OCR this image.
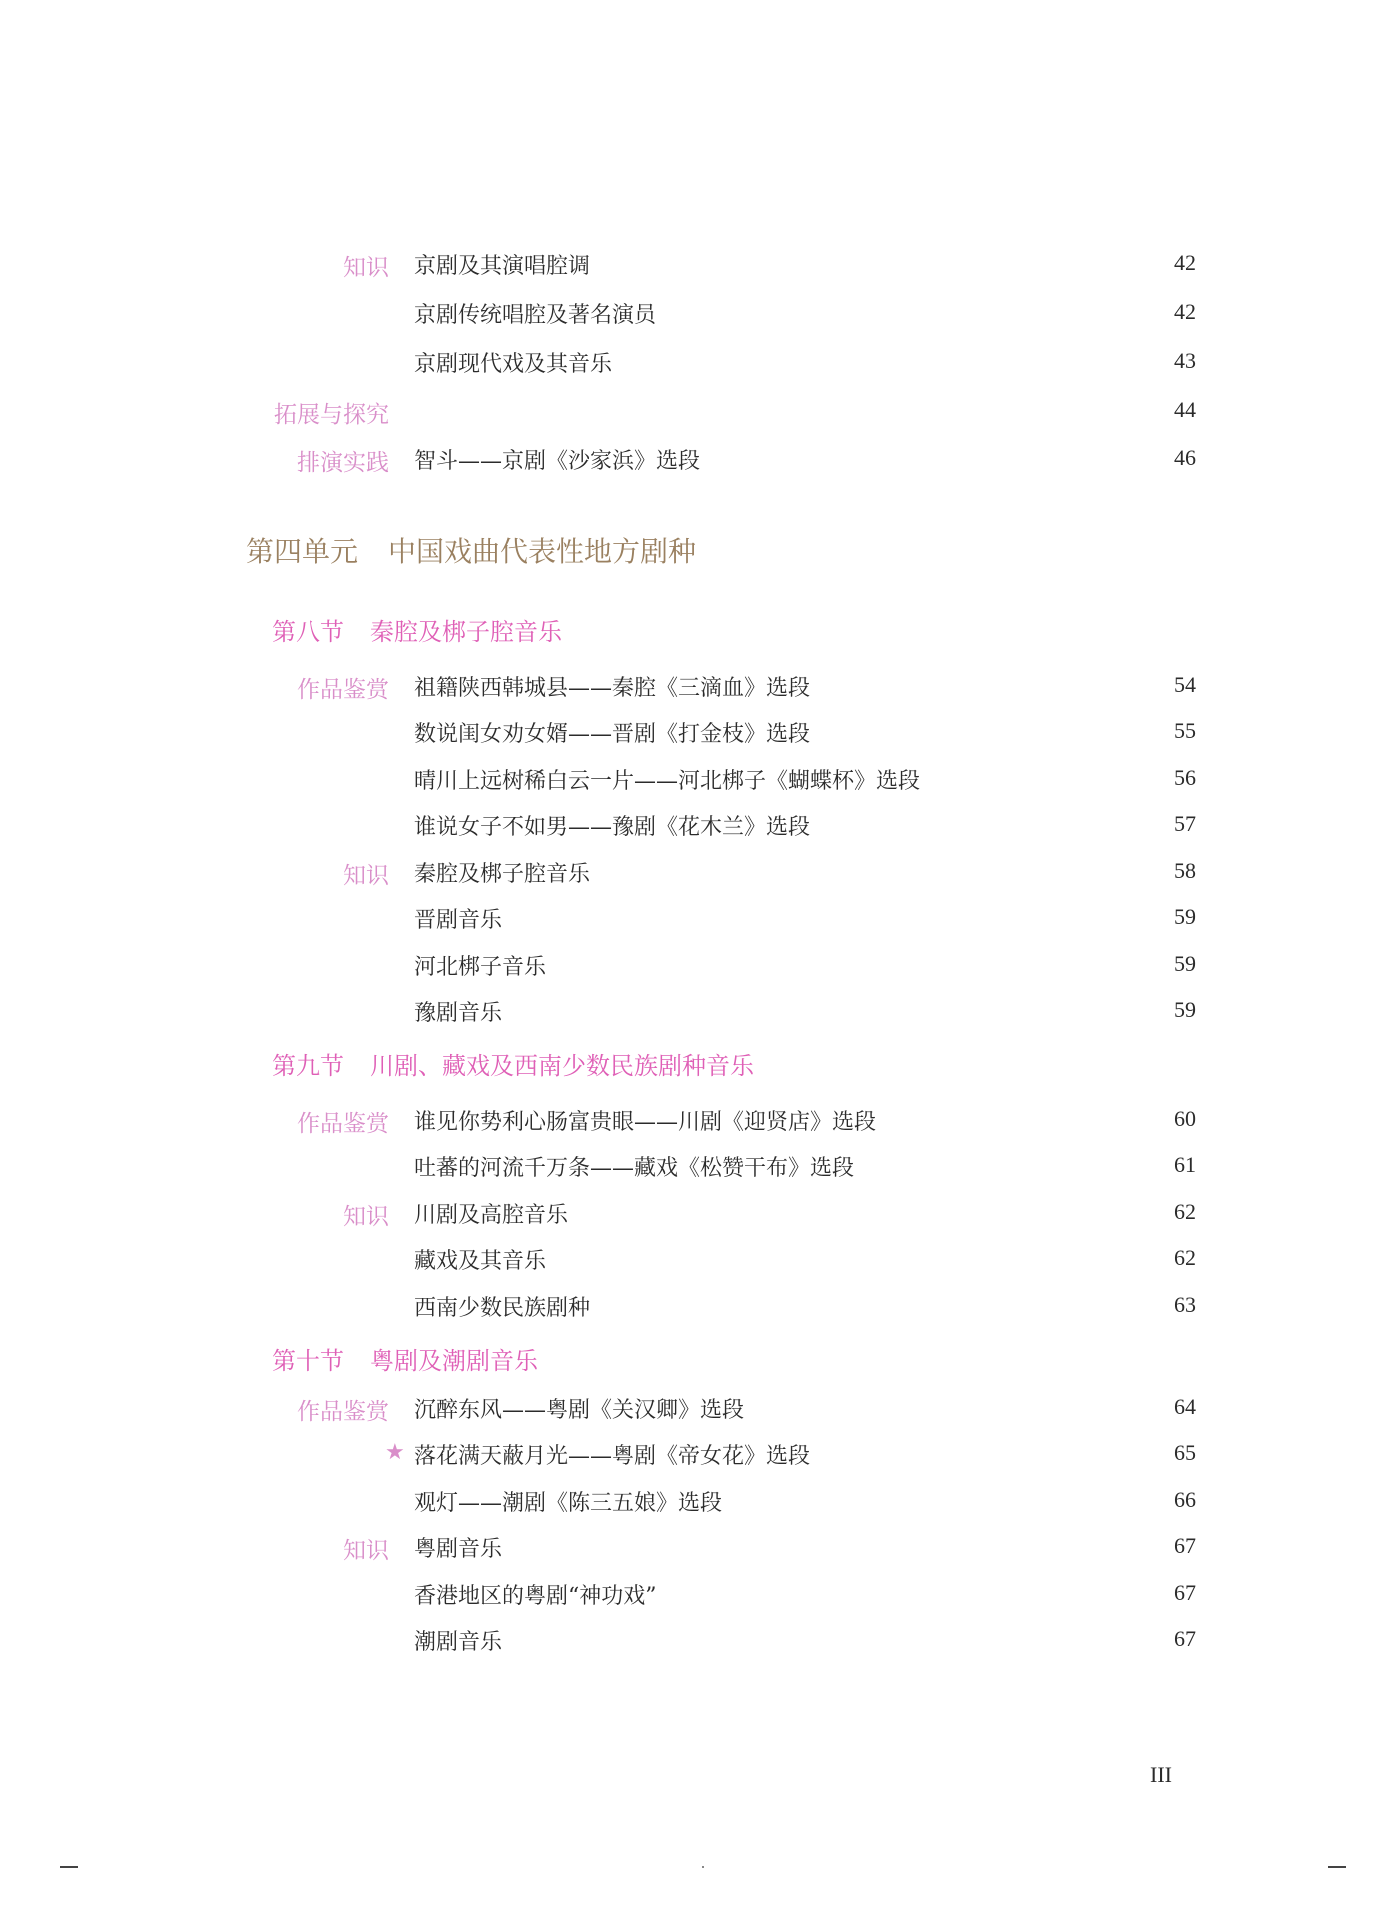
知识 京剧及其演唱腔调	42
京剧传统唱腔及著名演员	42
京剧现代戏及其音乐	43
拓展与探究	44
排演实践 智斗——京剧《沙家浜》选段	46
第四单元 中国戏曲代表性地方剧种
第八节 秦腔及梆子腔音乐
作品鉴赏 祖籍陕西韩城县——秦腔《三滴血》选段	54
数说闺女劝女婿——晋剧《打金枝》选段	55
晴川上远树稀白云一片——河北梆子《蝴蝶杯》选段	56
谁说女子不如男——豫剧《花木兰》选段	57
知识 秦腔及梆子腔音乐	58
晋剧音乐	59
河北梆子音乐	59
豫剧音乐	59
第九节 川剧、藏戏及西南少数民族剧种音乐
作品鉴赏 谁见你势利心肠富贵眼——川剧《迎贤店》选段	60
吐蕃的河流千万条——藏戏《松赞干布》选段	61
知识 川剧及高腔音乐	62
藏戏及其音乐	62
西南少数民族剧种	63
第十节 粤剧及潮剧音乐
作品鉴赏 沉醉东风——粤剧《关汉卿》选段	64
★ 落花满天蔽月光——粤剧《帝女花》选段	65
观灯——潮剧《陈三五娘》选段	66
知识 粤剧音乐	67
香港地区的粤剧“神功戏”	67
潮剧音乐	67
III
